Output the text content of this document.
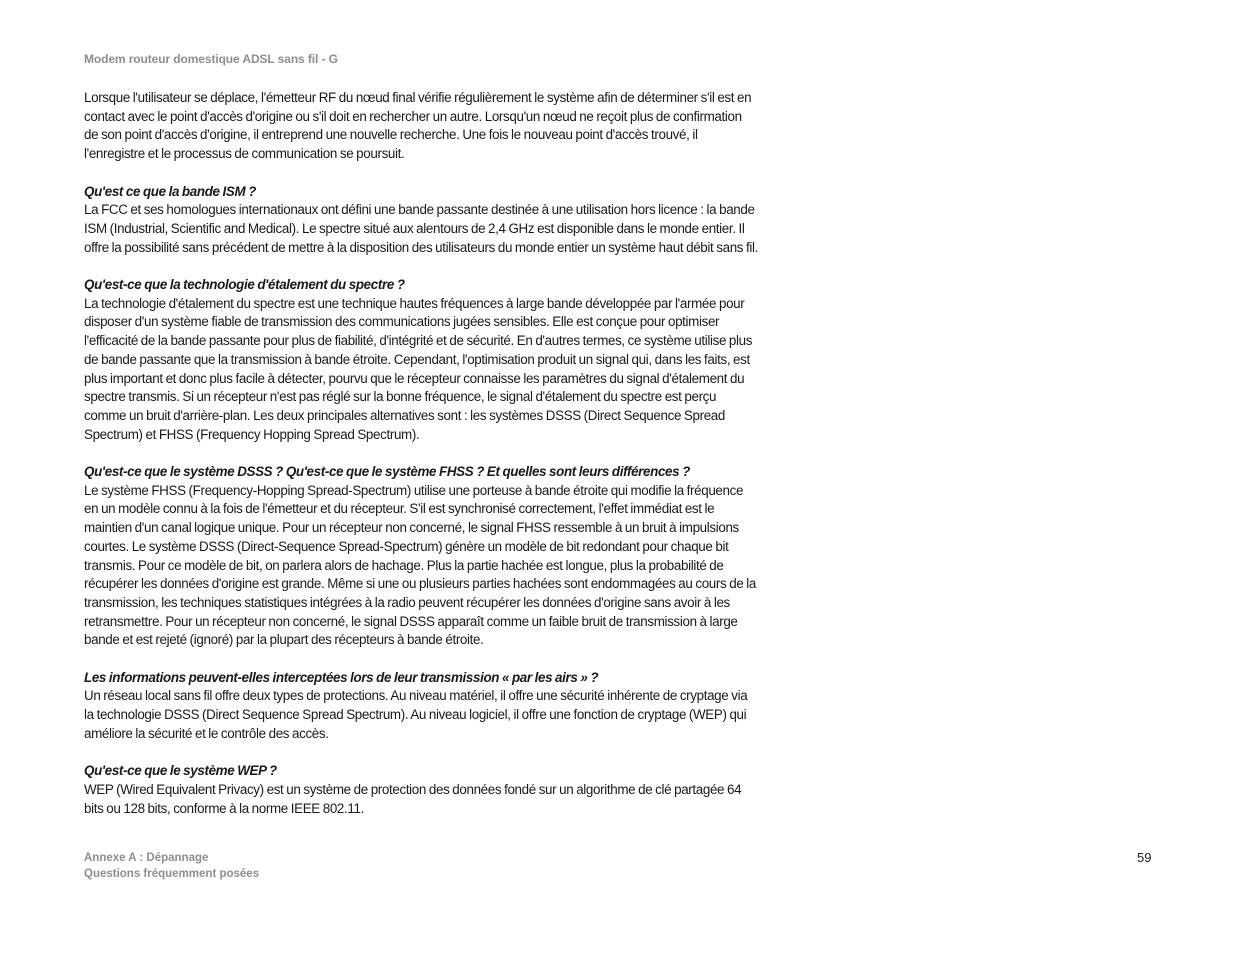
Modem routeur domestique ADSL sans fil - G

Lorsque l'utilisateur se déplace, l'émetteur RF du nœud final vérifie régulièrement le système afin de déterminer s'il est en contact avec le point d'accès d'origine ou s'il doit en rechercher un autre. Lorsqu'un nœud ne reçoit plus de confirmation de son point d'accès d'origine, il entreprend une nouvelle recherche. Une fois le nouveau point d'accès trouvé, il l'enregistre et le processus de communication se poursuit.

Qu'est ce que la bande ISM ?

La FCC et ses homologues internationaux ont défini une bande passante destinée à une utilisation hors licence : la bande ISM (Industrial, Scientific and Medical). Le spectre situé aux alentours de 2,4 GHz est disponible dans le monde entier. Il offre la possibilité sans précédent de mettre à la disposition des utilisateurs du monde entier un système haut débit sans fil.

Qu'est-ce que la technologie d'étalement du spectre ?

La technologie d'étalement du spectre est une technique hautes fréquences à large bande développée par l'armée pour disposer d'un système fiable de transmission des communications jugées sensibles. Elle est conçue pour optimiser l'efficacité de la bande passante pour plus de fiabilité, d'intégrité et de sécurité. En d'autres termes, ce système utilise plus de bande passante que la transmission à bande étroite. Cependant, l'optimisation produit un signal qui, dans les faits, est plus important et donc plus facile à détecter, pourvu que le récepteur connaisse les paramètres du signal d'étalement du spectre transmis. Si un récepteur n'est pas réglé sur la bonne fréquence, le signal d'étalement du spectre est perçu comme un bruit d'arrière-plan. Les deux principales alternatives sont : les systèmes DSSS (Direct Sequence Spread Spectrum) et FHSS (Frequency Hopping Spread Spectrum).

Qu'est-ce que le système DSSS ? Qu'est-ce que le système FHSS ? Et quelles sont leurs différences ?

Le système FHSS (Frequency-Hopping Spread-Spectrum) utilise une porteuse à bande étroite qui modifie la fréquence en un modèle connu à la fois de l'émetteur et du récepteur. S'il est synchronisé correctement, l'effet immédiat est le maintien d'un canal logique unique. Pour un récepteur non concerné, le signal FHSS ressemble à un bruit à impulsions courtes. Le système DSSS (Direct-Sequence Spread-Spectrum) génère un modèle de bit redondant pour chaque bit transmis. Pour ce modèle de bit, on parlera alors de hachage. Plus la partie hachée est longue, plus la probabilité de récupérer les données d'origine est grande. Même si une ou plusieurs parties hachées sont endommagées au cours de la transmission, les techniques statistiques intégrées à la radio peuvent récupérer les données d'origine sans avoir à les retransmettre. Pour un récepteur non concerné, le signal DSSS apparaît comme un faible bruit de transmission à large bande et est rejeté (ignoré) par la plupart des récepteurs à bande étroite.

Les informations peuvent-elles interceptées lors de leur transmission « par les airs » ?

Un réseau local sans fil offre deux types de protections. Au niveau matériel, il offre une sécurité inhérente de cryptage via la technologie DSSS (Direct Sequence Spread Spectrum). Au niveau logiciel, il offre une fonction de cryptage (WEP) qui améliore la sécurité et le contrôle des accès.

Qu'est-ce que le système WEP ?

WEP (Wired Equivalent Privacy) est un système de protection des données fondé sur un algorithme de clé partagée 64 bits ou 128 bits, conforme à la norme IEEE 802.11.

Annexe A : Dépannage
Questions fréquemment posées
59
